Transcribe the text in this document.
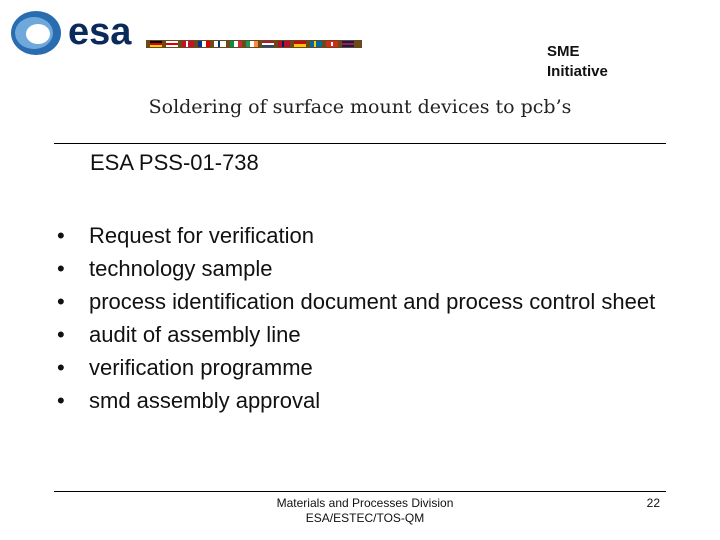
esa	SME
Initiative
Soldering of surface mount devices to pcb’s
ESA PSS-01-738
• Request for verification
• technology sample
• process identification document and process control sheet
• audit of assembly line
• verification programme
• smd assembly approval
Materials and Processes Division
ESA/ESTEC/TOS-QM
22
